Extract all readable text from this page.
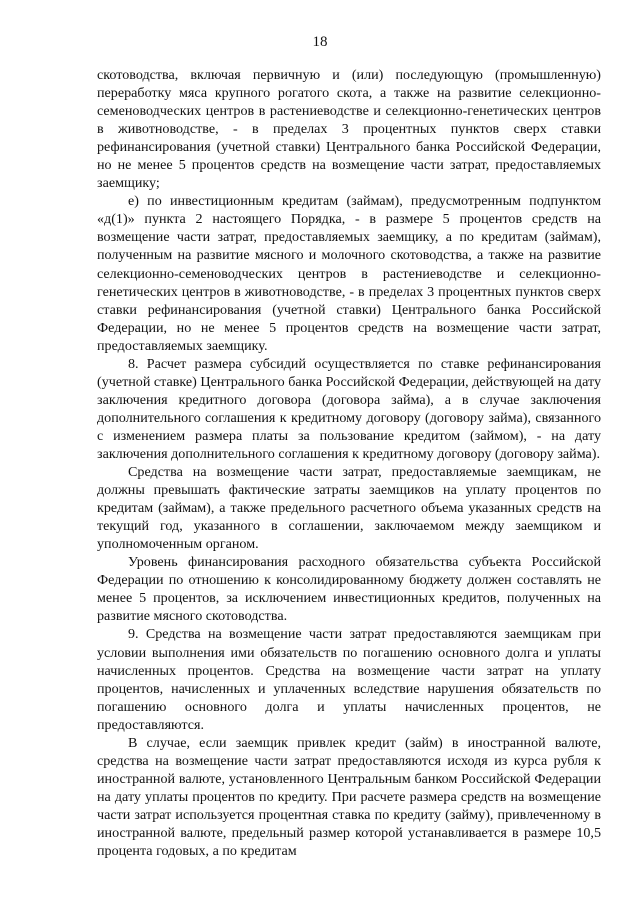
18

скотоводства, включая первичную и (или) последующую (промышленную) переработку мяса крупного рогатого скота, а также на развитие селекционно-семеноводческих центров в растениеводстве и селекционно-генетических центров в животноводстве, - в пределах 3 процентных пунктов сверх ставки рефинансирования (учетной ставки) Центрального банка Российской Федерации, но не менее 5 процентов средств на возмещение части затрат, предоставляемых заемщику;

е) по инвестиционным кредитам (займам), предусмотренным подпунктом «д(1)» пункта 2 настоящего Порядка, - в размере 5 процентов средств на возмещение части затрат, предоставляемых заемщику, а по кредитам (займам), полученным на развитие мясного и молочного скотоводства, а также на развитие селекционно-семеноводческих центров в растениеводстве и селекционно-генетических центров в животноводстве, - в пределах 3 процентных пунктов сверх ставки рефинансирования (учетной ставки) Центрального банка Российской Федерации, но не менее 5 процентов средств на возмещение части затрат, предоставляемых заемщику.

8. Расчет размера субсидий осуществляется по ставке рефинансирования (учетной ставке) Центрального банка Российской Федерации, действующей на дату заключения кредитного договора (договора займа), а в случае заключения дополнительного соглашения к кредитному договору (договору займа), связанного с изменением размера платы за пользование кредитом (займом), - на дату заключения дополнительного соглашения к кредитному договору (договору займа).

Средства на возмещение части затрат, предоставляемые заемщикам, не должны превышать фактические затраты заемщиков на уплату процентов по кредитам (займам), а также предельного расчетного объема указанных средств на текущий год, указанного в соглашении, заключаемом между заемщиком и уполномоченным органом.

Уровень финансирования расходного обязательства субъекта Российской Федерации по отношению к консолидированному бюджету должен составлять не менее 5 процентов, за исключением инвестиционных кредитов, полученных на развитие мясного скотоводства.

9. Средства на возмещение части затрат предоставляются заемщикам при условии выполнения ими обязательств по погашению основного долга и уплаты начисленных процентов. Средства на возмещение части затрат на уплату процентов, начисленных и уплаченных вследствие нарушения обязательств по погашению основного долга и уплаты начисленных процентов, не предоставляются.

В случае, если заемщик привлек кредит (займ) в иностранной валюте, средства на возмещение части затрат предоставляются исходя из курса рубля к иностранной валюте, установленного Центральным банком Российской Федерации на дату уплаты процентов по кредиту. При расчете размера средств на возмещение части затрат используется процентная ставка по кредиту (займу), привлеченному в иностранной валюте, предельный размер которой устанавливается в размере 10,5 процента годовых, а по кредитам
